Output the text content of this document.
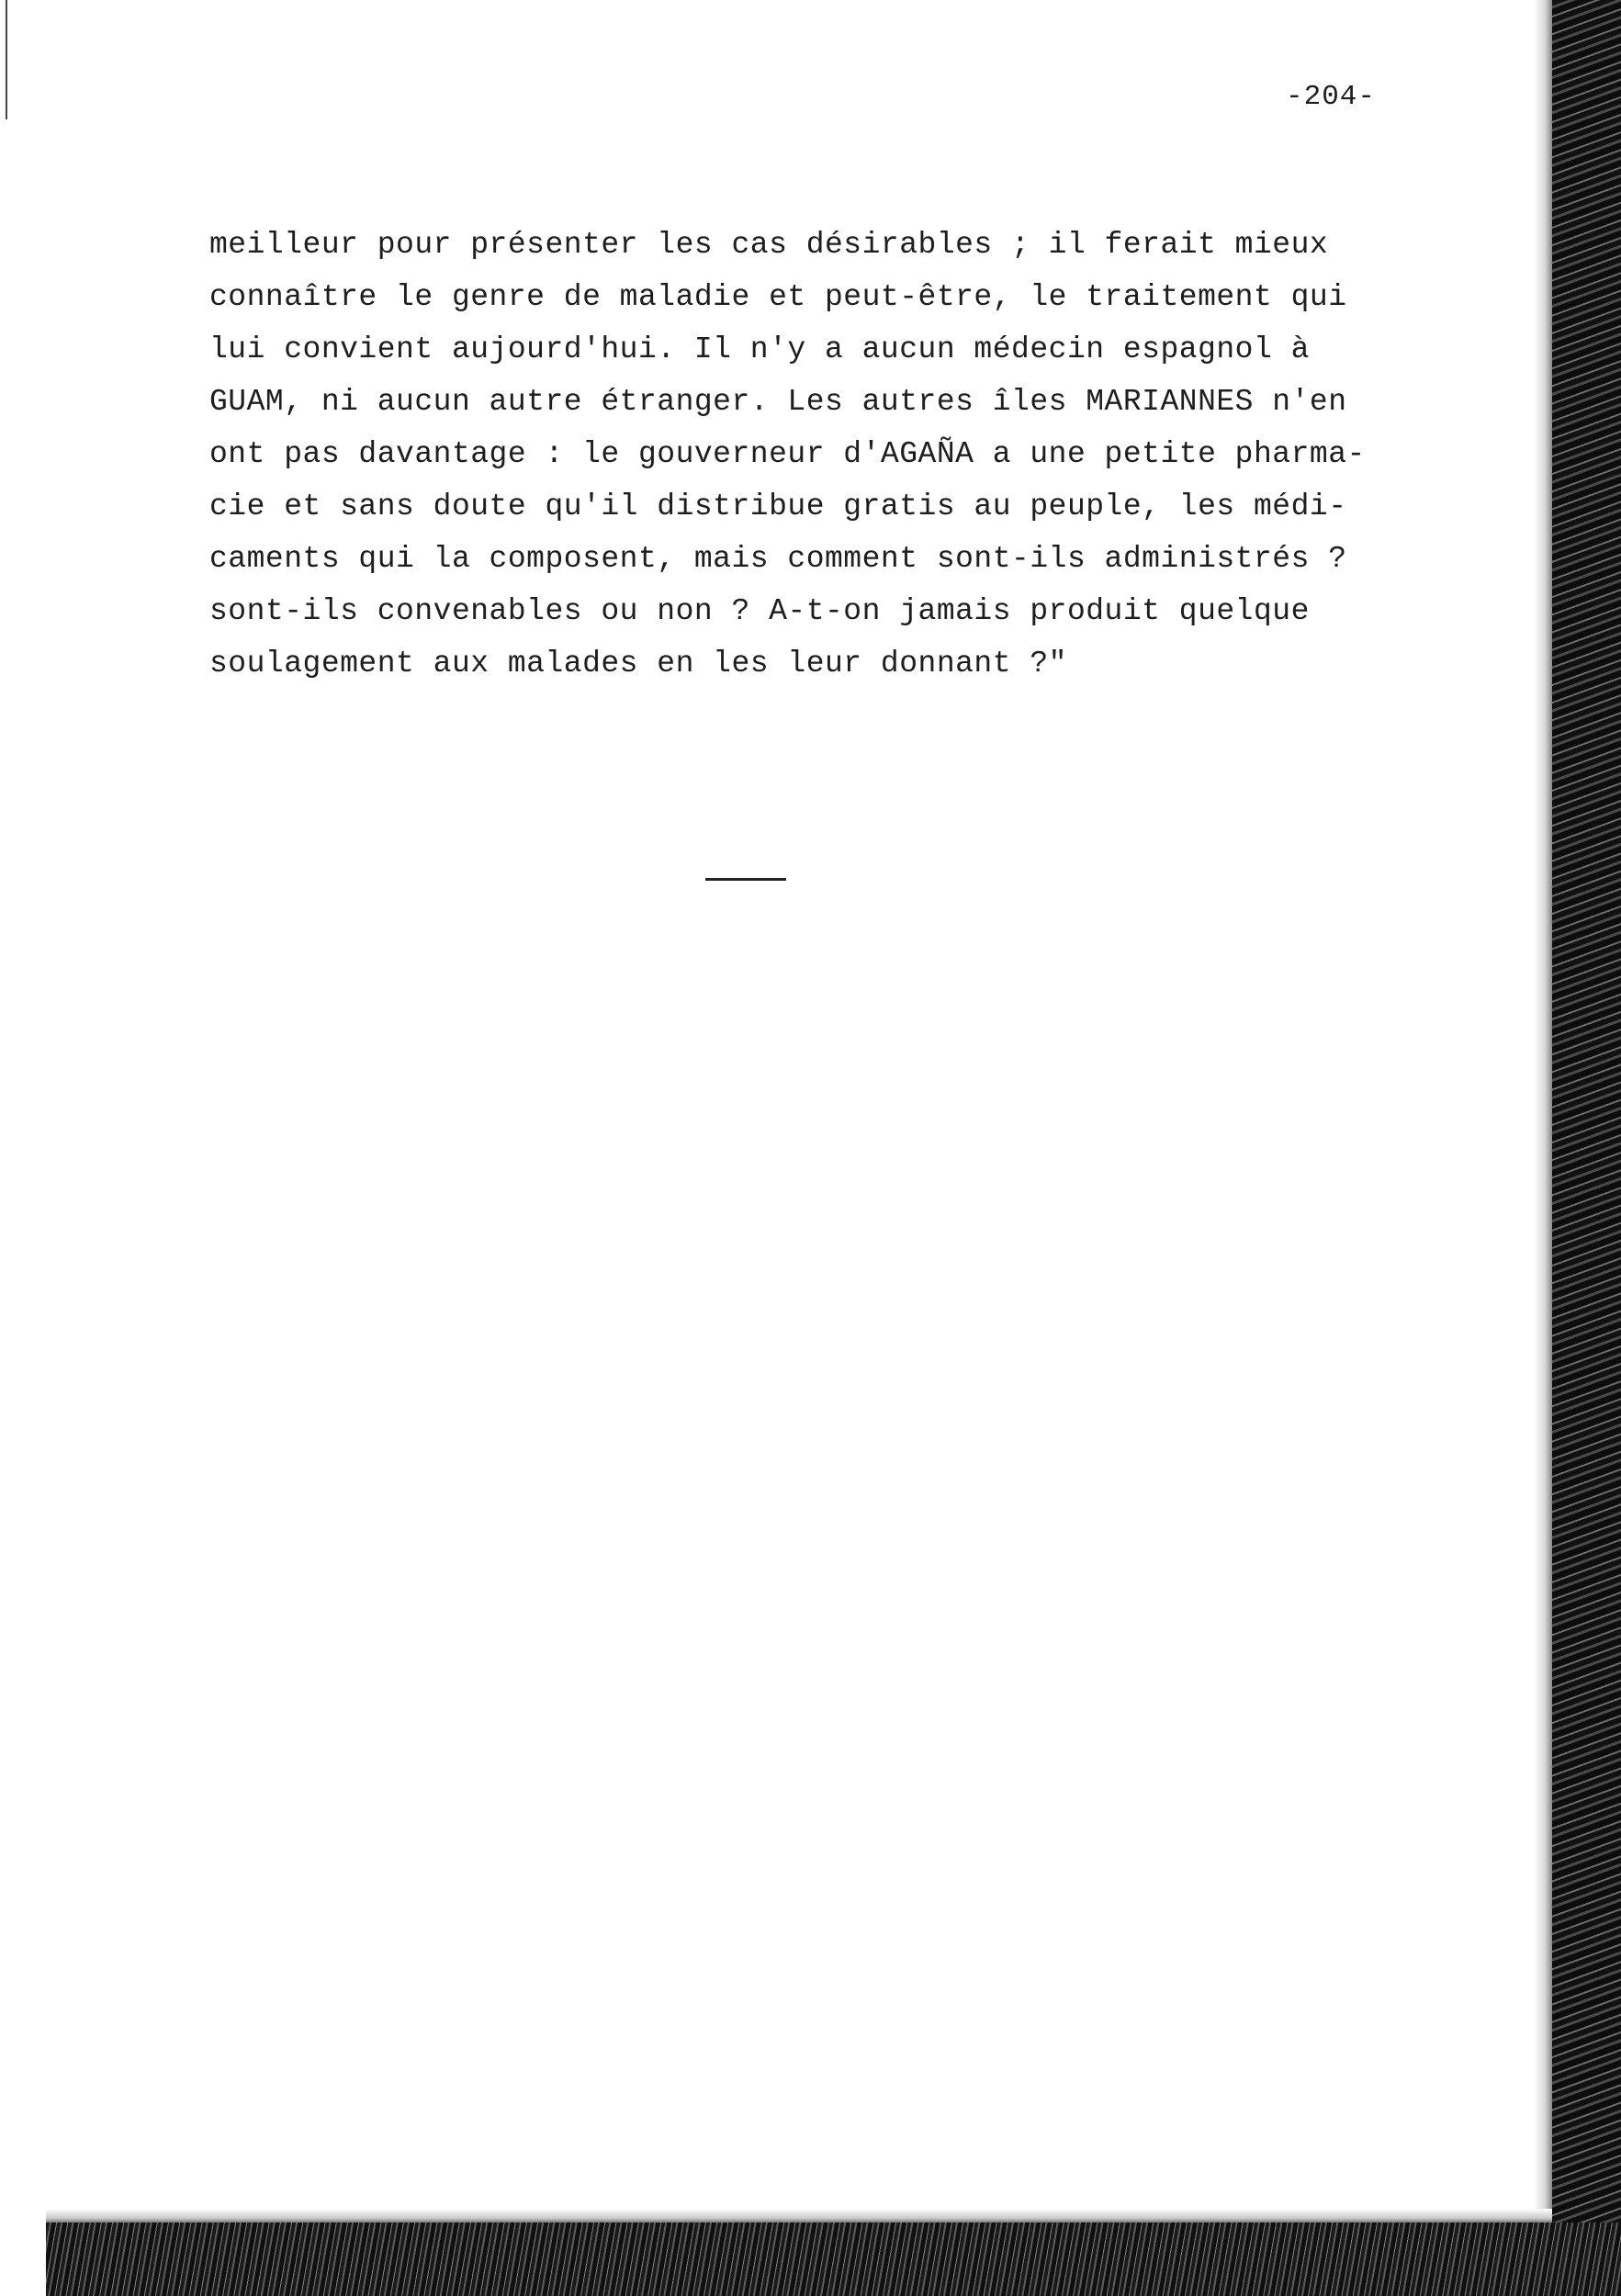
-204-
meilleur pour présenter les cas désirables ; il ferait mieux
connaître le genre de maladie et peut-être, le traitement qui
lui convient aujourd'hui. Il n'y a aucun médecin espagnol à
GUAM, ni aucun autre étranger. Les autres îles MARIANNES n'en
ont pas davantage : le gouverneur d'AGAÑA a une petite pharma-
cie et sans doute qu'il distribue gratis au peuple, les médi-
caments qui la composent, mais comment sont-ils administrés ?
sont-ils convenables ou non ? A-t-on jamais produit quelque
soulagement aux malades en les leur donnant ?"
